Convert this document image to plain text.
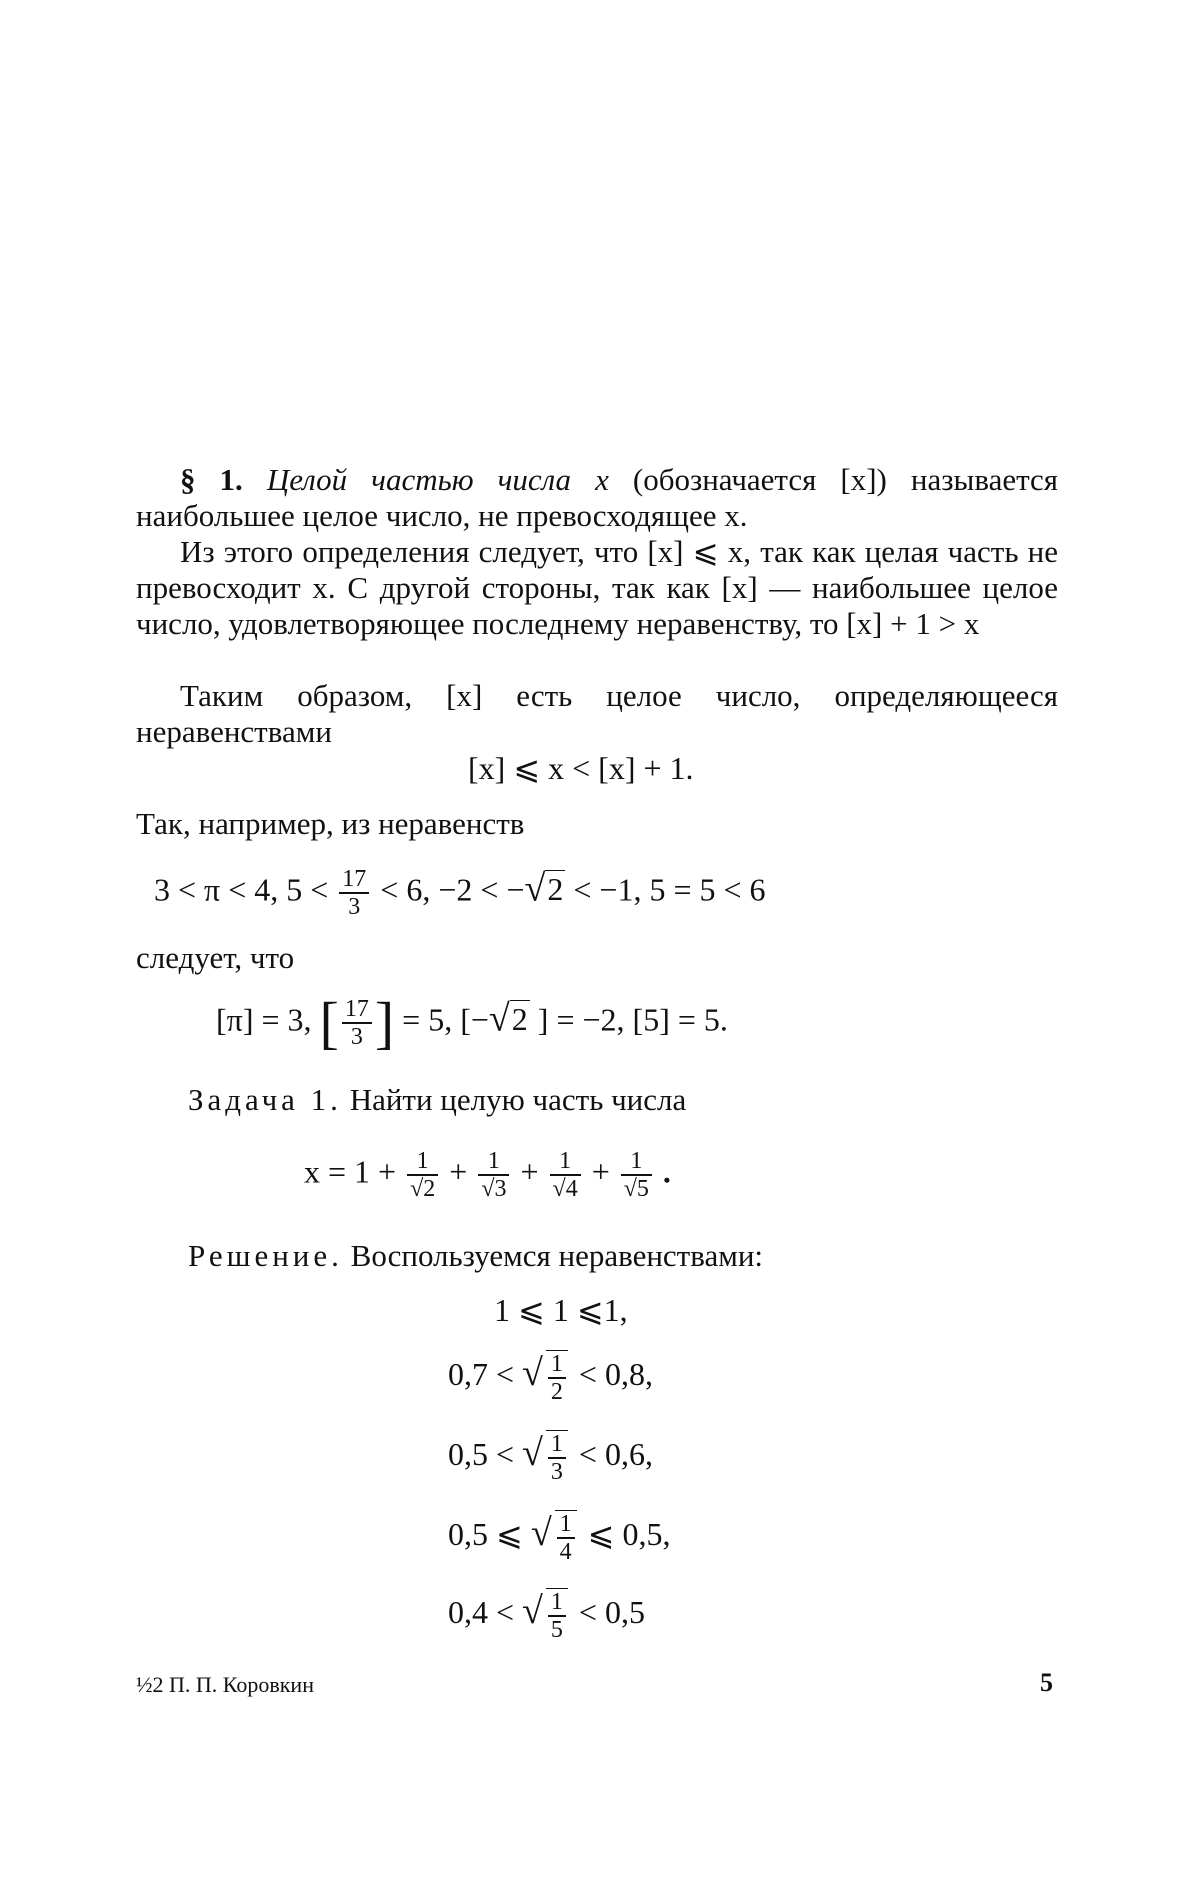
§ 1. Целой частью числа x (обозначается [x]) называется наибольшее целое число, не превосходящее x.
Из этого определения следует, что [x] ⩽ x, так как целая часть не превосходит x. С другой стороны, так как [x] — наибольшее целое число, удовлетворяющее последнему неравенству, то [x] + 1 > x
Таким образом, [x] есть целое число, определяющееся неравенствами
[x] ⩽ x < [x] + 1.
Так, например, из неравенств
3 < π < 4, $5 < \frac{17}{3} < 6$, −2 < −√2 < −1, 5 = 5 < 6
следует, что
[π] = 3, [ $\frac{17}{3}$ ] = 5, [−√2 ] = −2, [5] = 5.
Задача 1. Найти целую часть числа
$x = 1 + \frac{1}{√2} + \frac{1}{√3} + \frac{1}{√4} + \frac{1}{√5}$ .
Решение. Воспользуемся неравенствами:
1 ⩽ 1 ⩽1,
0,7 < √ $\frac{1}{2} < 0,8$,
0,5 < √ $\frac{1}{3} < 0,6$,
0,5 ⩽ √ $\frac{1}{4}$ ⩽ 0,5,
0,4 < √ $\frac{1}{5} < 0,5$
½2 П. П. Коровкин	5
